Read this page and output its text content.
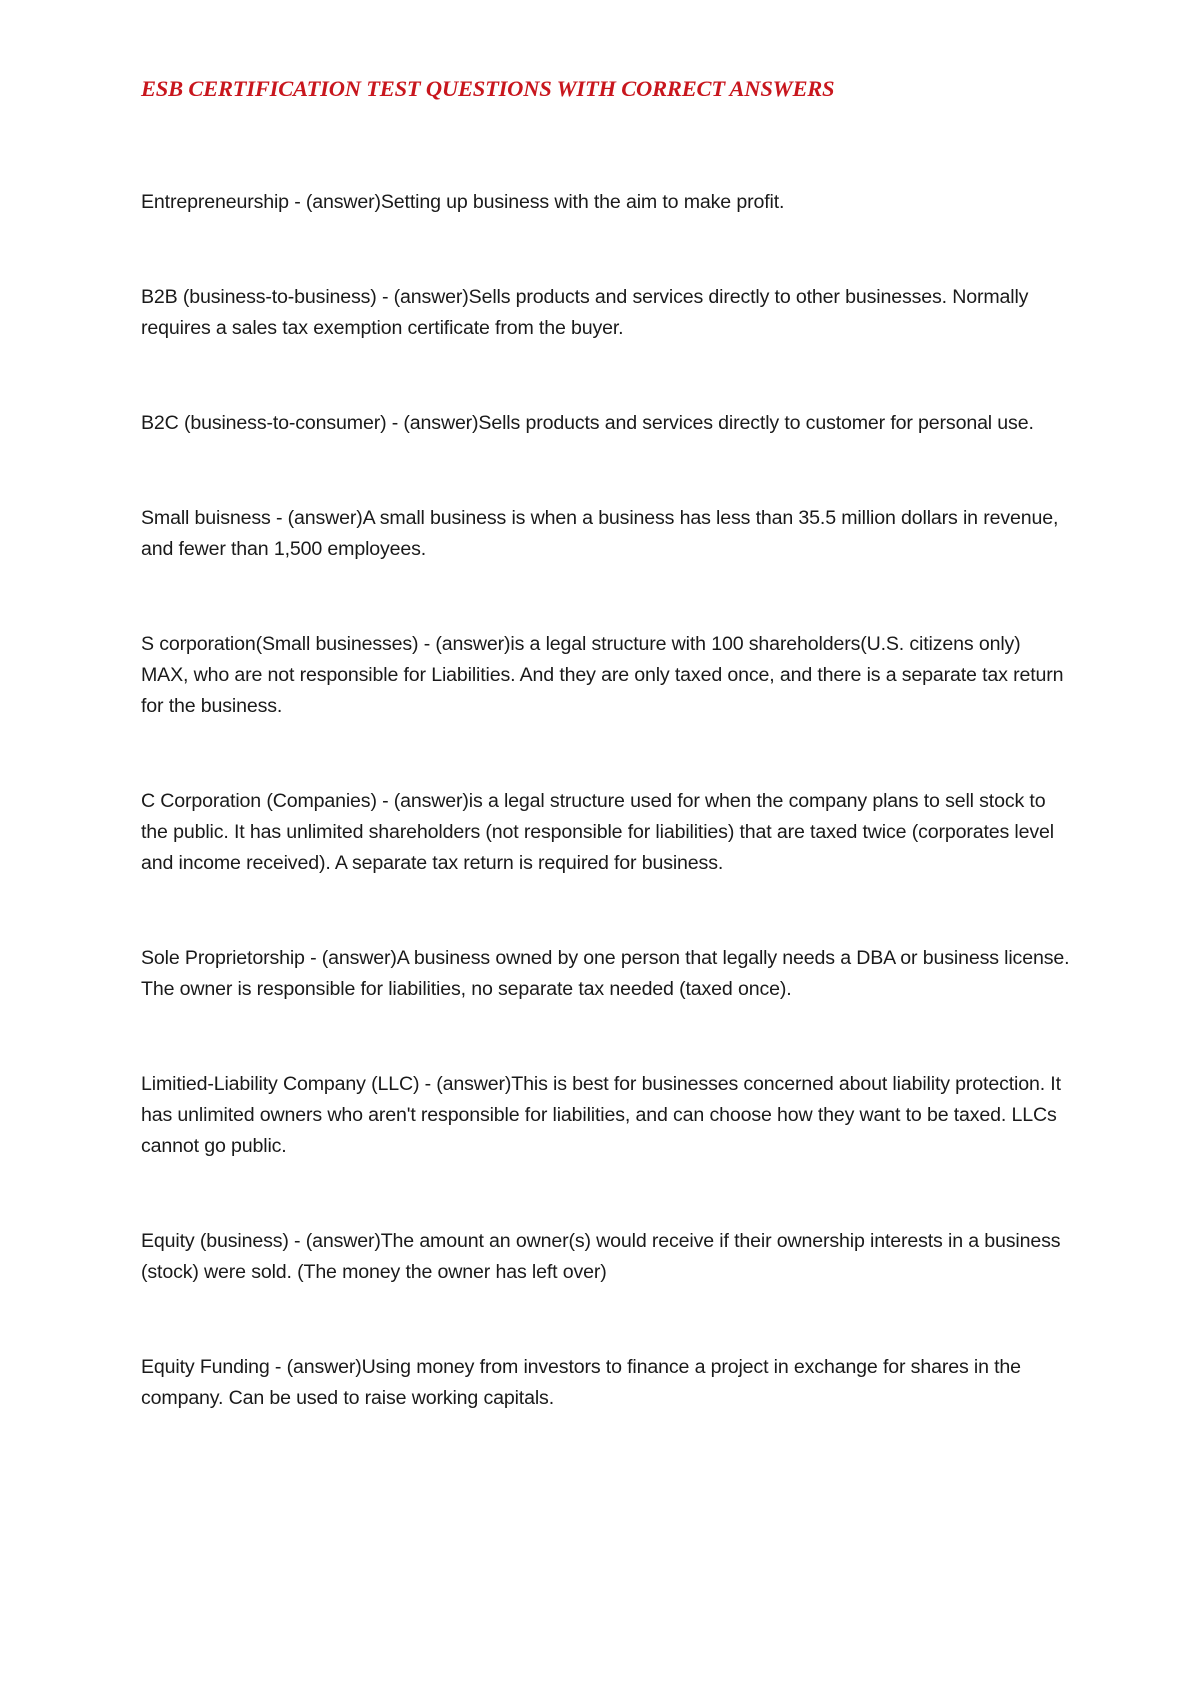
ESB CERTIFICATION TEST QUESTIONS WITH CORRECT ANSWERS
Entrepreneurship - (answer)Setting up business with the aim to make profit.
B2B (business-to-business) - (answer)Sells products and services directly to other businesses. Normally requires a sales tax exemption certificate from the buyer.
B2C (business-to-consumer) - (answer)Sells products and services directly to customer for personal use.
Small buisness - (answer)A small business is when a business has less than 35.5 million dollars in revenue, and fewer than 1,500 employees.
S corporation(Small businesses) - (answer)is a legal structure with 100 shareholders(U.S. citizens only) MAX, who are not responsible for Liabilities. And they are only taxed once, and there is a separate tax return for the business.
C Corporation (Companies) - (answer)is a legal structure used for when the company plans to sell stock to the public. It has unlimited shareholders (not responsible for liabilities) that are taxed twice (corporates level and income received). A separate tax return is required for business.
Sole Proprietorship - (answer)A business owned by one person that legally needs a DBA or business license. The owner is responsible for liabilities, no separate tax needed (taxed once).
Limitied-Liability Company (LLC) - (answer)This is best for businesses concerned about liability protection. It has unlimited owners who aren't responsible for liabilities, and can choose how they want to be taxed. LLCs cannot go public.
Equity (business) - (answer)The amount an owner(s) would receive if their ownership interests in a business (stock) were sold. (The money the owner has left over)
Equity Funding - (answer)Using money from investors to finance a project in exchange for shares in the company. Can be used to raise working capitals.
